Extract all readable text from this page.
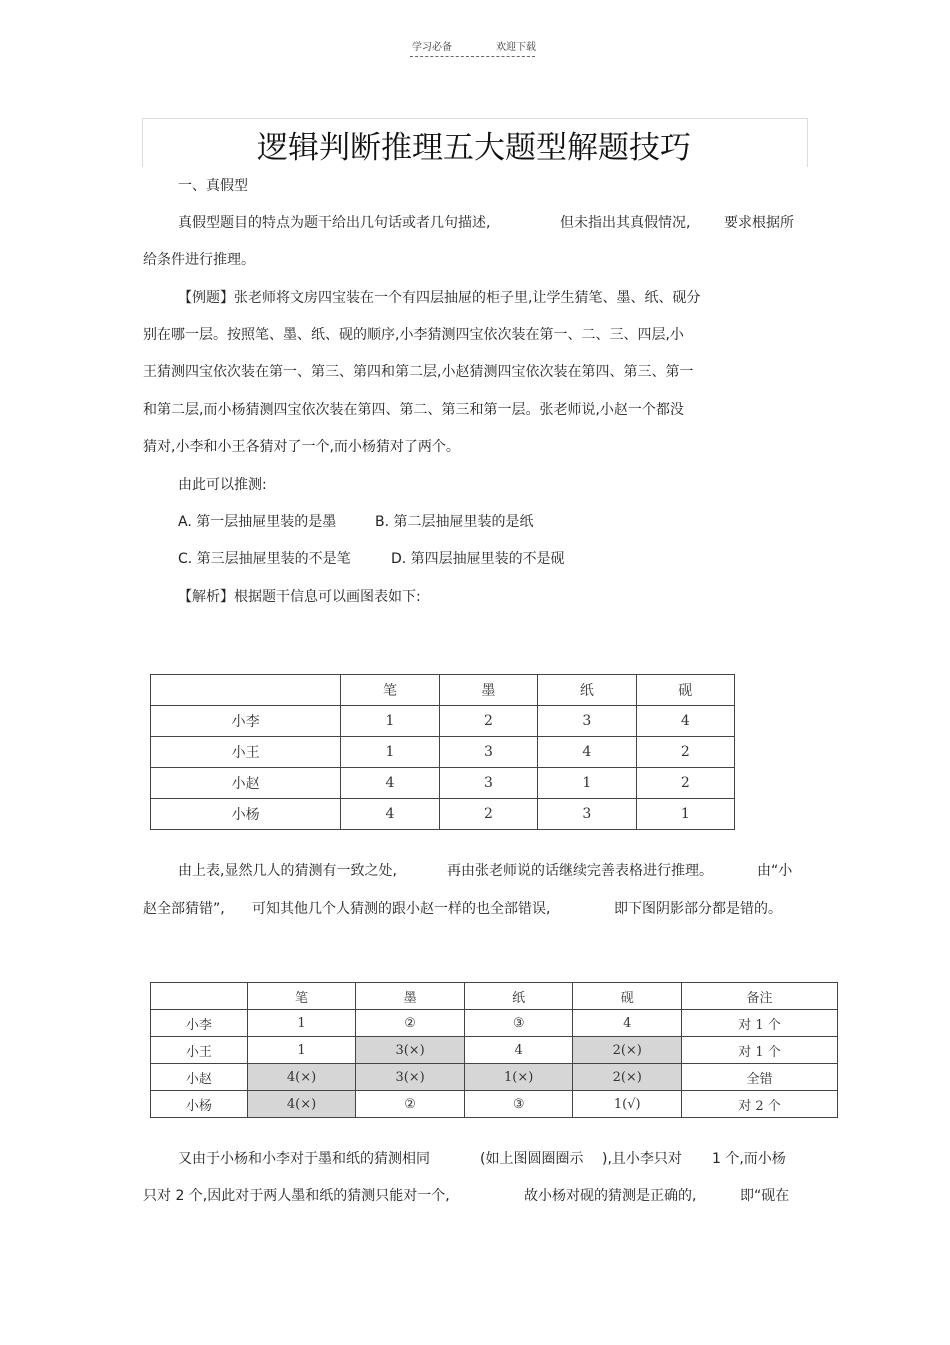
学习必备	欢迎下载
逻辑判断推理五大题型解题技巧
一、真假型
真假型题目的特点为题干给出几句话或者几句描述,	但未指出其真假情况, 要求根据所
给条件进行推理。
【例题】张老师将文房四宝装在一个有四层抽屉的柜子里,让学生猜笔、墨、纸、砚分
别在哪一层。按照笔、墨、纸、砚的顺序,小李猜测四宝依次装在第一、二、三、四层,小
王猜测四宝依次装在第一、第三、第四和第二层,小赵猜测四宝依次装在第四、第三、第一
和第二层,而小杨猜测四宝依次装在第四、第二、第三和第一层。张老师说,小赵一个都没
猜对,小李和小王各猜对了一个,而小杨猜对了两个。
由此可以推测:
A. 第一层抽屉里装的是墨	B. 第二层抽屉里装的是纸
C. 第三层抽屉里装的不是笔	D. 第四层抽屉里装的不是砚
【解析】根据题干信息可以画图表如下:
	笔	墨	纸	砚
小李	1	2	3	4
小王	1	3	4	2
小赵	4	3	1	2
小杨	4	2	3	1
由上表,显然几人的猜测有一致之处,	再由张老师说的话继续完善表格进行推理。	由“小
赵全部猜错”, 可知其他几个人猜测的跟小赵一样的也全部错误,	即下图阴影部分都是错的。
	笔	墨	纸	砚	备注
小李	1	②	③	4	对 1 个
小王	1	3(×)	4	2(×)	对 1 个
小赵	4(×)	3(×)	1(×)	2(×)	全错
小杨	4(×)	②	③	1(√)	对 2 个
又由于小杨和小李对于墨和纸的猜测相同	(如上图圆圈圈示 ),且小李只对 1 个,而小杨
只对 2 个,因此对于两人墨和纸的猜测只能对一个,	故小杨对砚的猜测是正确的,	即“砚在
